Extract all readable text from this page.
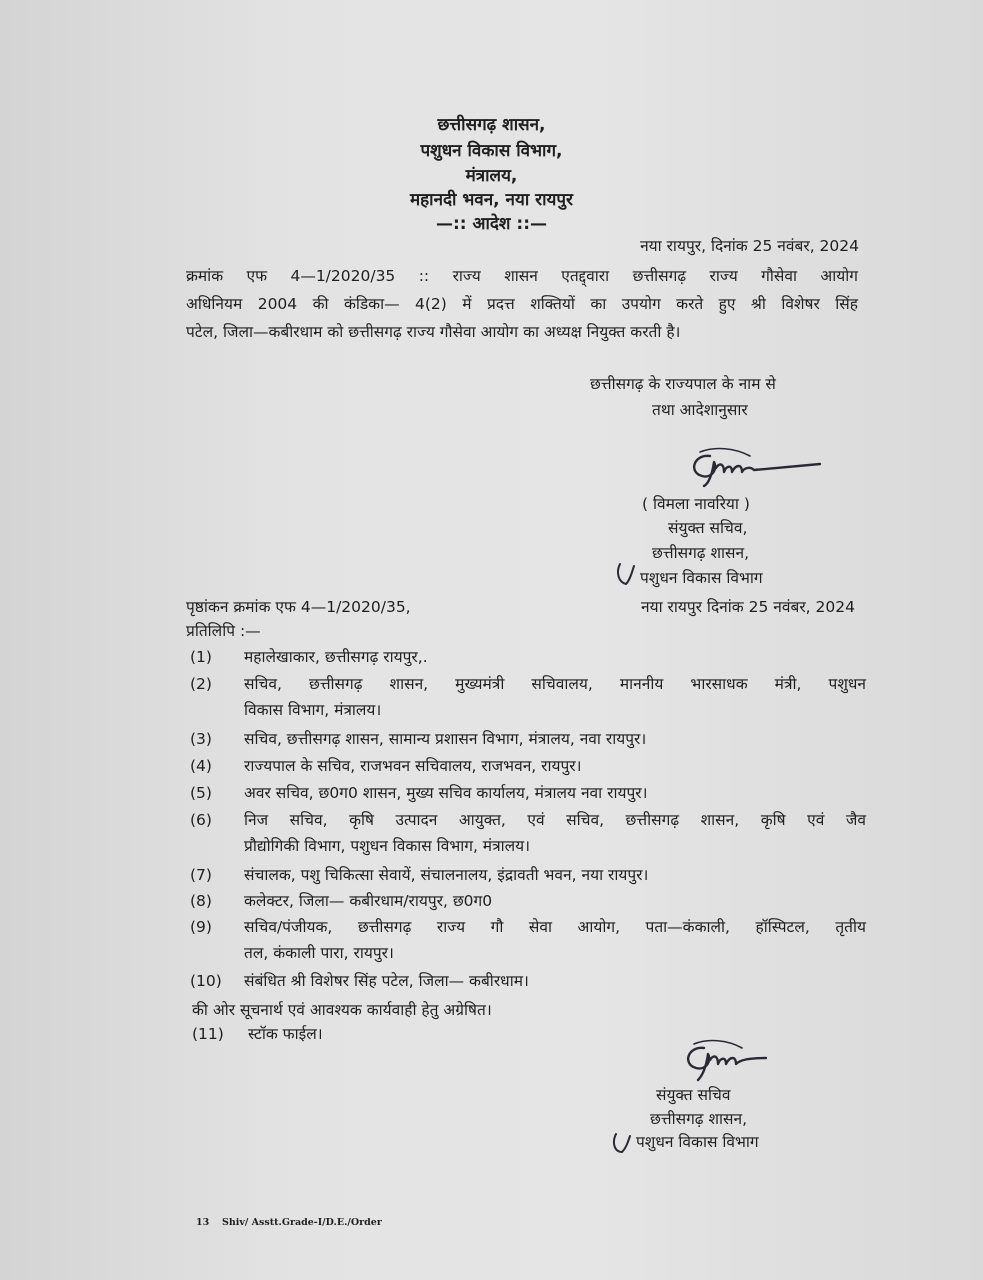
छत्तीसगढ़ शासन,
पशुधन विकास विभाग,
मंत्रालय,
महानदी भवन, नया रायपुर
—:: आदेश ::—
नया रायपुर, दिनांक 25 नवंबर, 2024
क्रमांक एफ 4—1/2020/35 :: राज्य शासन एतद्द्वारा छत्तीसगढ़ राज्य गौसेवा आयोग
अधिनियम 2004 की कंडिका— 4(2) में प्रदत्त शक्तियों का उपयोग करते हुए श्री विशेषर सिंह
पटेल, जिला—कबीरधाम को छत्तीसगढ़ राज्य गौसेवा आयोग का अध्यक्ष नियुक्त करती है।
छत्तीसगढ़ के राज्यपाल के नाम से
तथा आदेशानुसार
( विमला नावरिया )
संयुक्त सचिव,
छत्तीसगढ़ शासन,
पशुधन विकास विभाग
पृष्ठांकन क्रमांक एफ 4—1/2020/35,	नया रायपुर दिनांक 25 नवंबर, 2024
प्रतिलिपि :—
(1) महालेखाकार, छत्तीसगढ़ रायपुर,.
(2) सचिव, छत्तीसगढ़ शासन, मुख्यमंत्री सचिवालय, माननीय भारसाधक मंत्री, पशुधन
विकास विभाग, मंत्रालय।
(3) सचिव, छत्तीसगढ़ शासन, सामान्य प्रशासन विभाग, मंत्रालय, नवा रायपुर।
(4) राज्यपाल के सचिव, राजभवन सचिवालय, राजभवन, रायपुर।
(5) अवर सचिव, छ0ग0 शासन, मुख्य सचिव कार्यालय, मंत्रालय नवा रायपुर।
(6) निज सचिव, कृषि उत्पादन आयुक्त, एवं सचिव, छत्तीसगढ़ शासन, कृषि एवं जैव
प्रौद्योगिकी विभाग, पशुधन विकास विभाग, मंत्रालय।
(7) संचालक, पशु चिकित्सा सेवायें, संचालनालय, इंद्रावती भवन, नया रायपुर।
(8) कलेक्टर, जिला— कबीरधाम/रायपुर, छ0ग0
(9) सचिव/पंजीयक, छत्तीसगढ़ राज्य गौ सेवा आयोग, पता—कंकाली, हॉस्पिटल, तृतीय
तल, कंकाली पारा, रायपुर।
(10) संबंधित श्री विशेषर सिंह पटेल, जिला— कबीरधाम।
की ओर सूचनार्थ एवं आवश्यक कार्यवाही हेतु अग्रेषित।
(11) स्टॉक फाईल।
संयुक्त सचिव
छत्तीसगढ़ शासन,
पशुधन विकास विभाग
13 Shiv/ Asstt.Grade-I/D.E./Order
